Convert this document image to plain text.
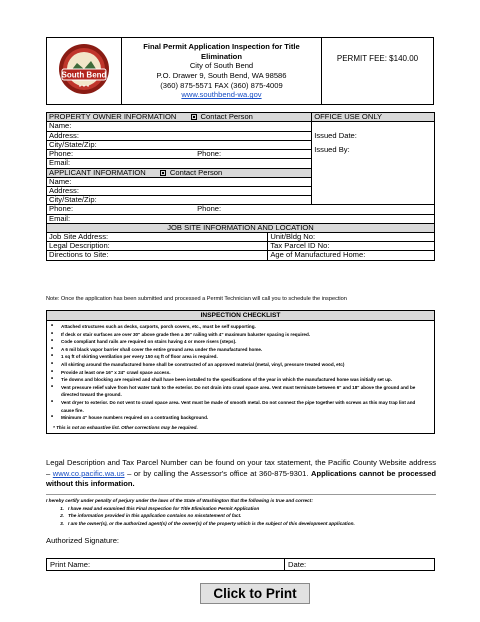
South Bend
★ ★ ★

Final Permit Application Inspection for Title Elimination
City of South Bend
P.O. Drawer 9, South Bend, WA 98586
(360) 875-5571 FAX (360) 875-4009
www.southbend-wa.gov
	PERMIT FEE: $140.00
PROPERTY OWNER INFORMATION Contact Person			OFFICE USE ONLY
Name:			Issued Date:

Address:			
City/State/Zip:			Issued By:

Phone:	Phone:		
Email:			
APPLICANT INFORMATION Contact Person			
Name:			
Address:			
City/State/Zip:			
Phone:	Phone:		
Email:			
JOB SITE INFORMATION AND LOCATION			
Job Site Address:		Unit/Bldg No:	
Legal Description:		Tax Parcel ID No:	
Directions to Site:		Age of Manufactured Home:	
Note: Once the application has been submitted and processed a Permit Technician will call you to schedule the inspection
INSPECTION CHECKLIST
• Attached structures such as decks, carports, porch covers, etc., must be self supporting.
• If deck or stair surfaces are over 30" above grade then a 36" railing with 4" maximum baluster spacing is required.
• Code compliant hand rails are required on stairs having 4 or more risers (steps).
• A 6 mil black vapor barrier shall cover the entire ground area under the manufactured home.
• 1 sq ft of skirting ventilation per every 150 sq ft of floor area is required.
• All skirting around the manufactured home shall be constructed of an approved material (metal, vinyl, pressure treated wood, etc)
• Provide at least one 16" x 24" crawl space access.
• Tie downs and blocking are required and shall have been installed to the specifications of the year in which the manufactured home was initially set up.
• Vent pressure relief valve from hot water tank to the exterior. Do not drain into crawl space area. Vent must terminate between 6" and 18" above the ground and be directed toward the ground.
• Vent dryer to exterior. Do not vent to crawl space area. Vent must be made of smooth metal. Do not connect the pipe together with screws as this may trap lint and cause fire.
• Minimum 4" house numbers required on a contrasting background.
* This is not an exhaustive list. Other corrections may be required.
Legal Description and Tax Parcel Number can be found on your tax statement, the Pacific County Website address – www.co.pacific.wa.us – or by calling the Assessor's office at 360-875-9301. Applications cannot be processed without this information.
I hereby certify under penalty of perjury under the laws of the State of Washington that the following is true and correct:
1. I have read and examined this Final Inspection for Title Elimination Permit Application
2. The information provided in this application contains no misstatement of fact.
3. I am the owner(s), or the authorized agent(s) of the owner(s) of the property which is the subject of this development application.
Authorized Signature:
Print Name:	Date:
Click to Print
